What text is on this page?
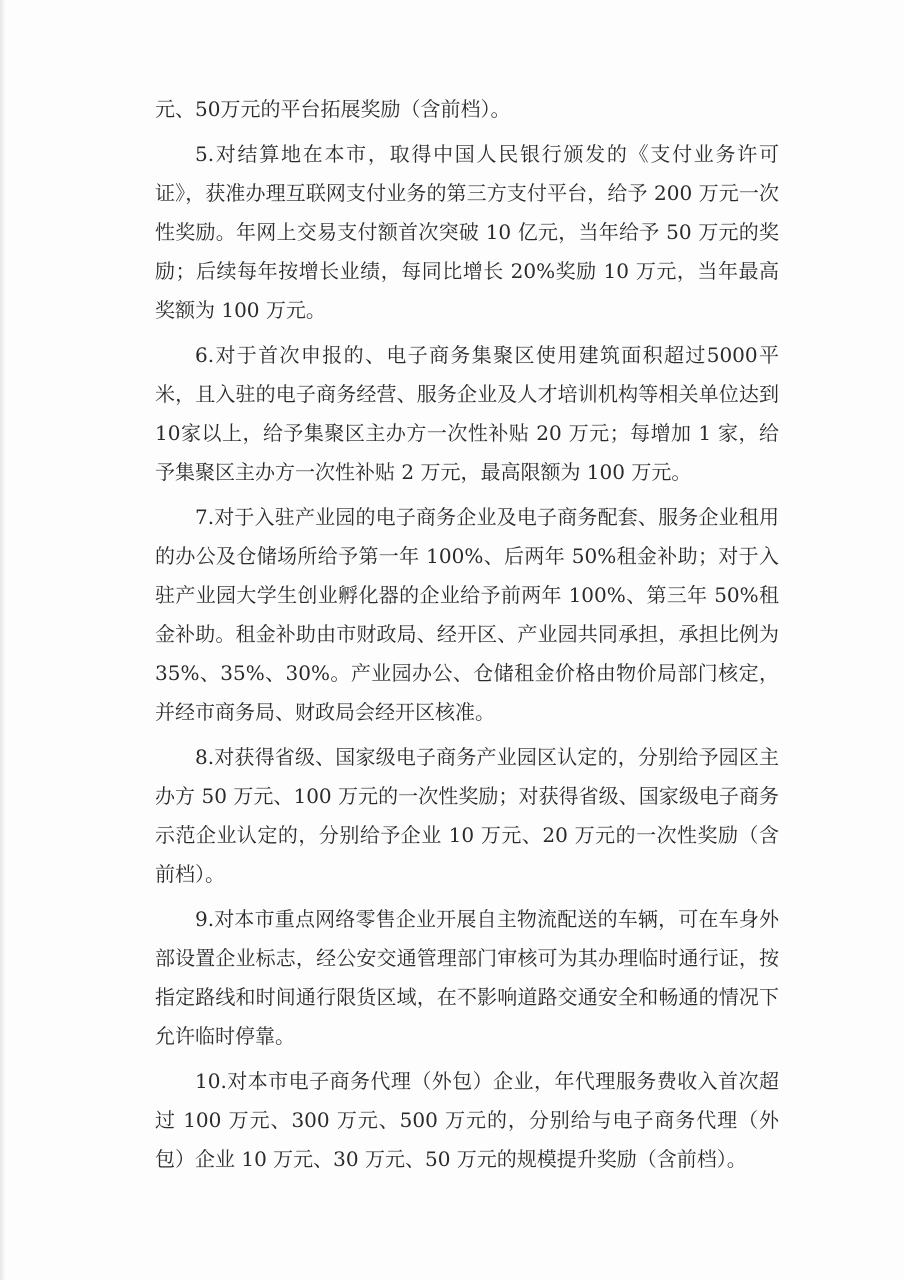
元、50万元的平台拓展奖励（含前档）。

5.对结算地在本市，取得中国人民银行颁发的《支付业务许可证》，获准办理互联网支付业务的第三方支付平台，给予 200 万元一次性奖励。年网上交易支付额首次突破 10 亿元，当年给予 50 万元的奖励；后续每年按增长业绩，每同比增长 20%奖励 10 万元，当年最高奖额为 100 万元。

6.对于首次申报的、电子商务集聚区使用建筑面积超过5000平米，且入驻的电子商务经营、服务企业及人才培训机构等相关单位达到10家以上，给予集聚区主办方一次性补贴 20 万元；每增加 1 家，给予集聚区主办方一次性补贴 2 万元，最高限额为 100 万元。

7.对于入驻产业园的电子商务企业及电子商务配套、服务企业租用的办公及仓储场所给予第一年 100%、后两年 50%租金补助；对于入驻产业园大学生创业孵化器的企业给予前两年 100%、第三年 50%租金补助。租金补助由市财政局、经开区、产业园共同承担，承担比例为 35%、35%、30%。产业园办公、仓储租金价格由物价局部门核定，并经市商务局、财政局会经开区核准。

8.对获得省级、国家级电子商务产业园区认定的，分别给予园区主办方 50 万元、100 万元的一次性奖励；对获得省级、国家级电子商务示范企业认定的，分别给予企业 10 万元、20 万元的一次性奖励（含前档）。

9.对本市重点网络零售企业开展自主物流配送的车辆，可在车身外部设置企业标志，经公安交通管理部门审核可为其办理临时通行证，按指定路线和时间通行限货区域，在不影响道路交通安全和畅通的情况下允许临时停靠。

10.对本市电子商务代理（外包）企业，年代理服务费收入首次超过 100 万元、300 万元、500 万元的，分别给与电子商务代理（外包）企业 10 万元、30 万元、50 万元的规模提升奖励（含前档）。
